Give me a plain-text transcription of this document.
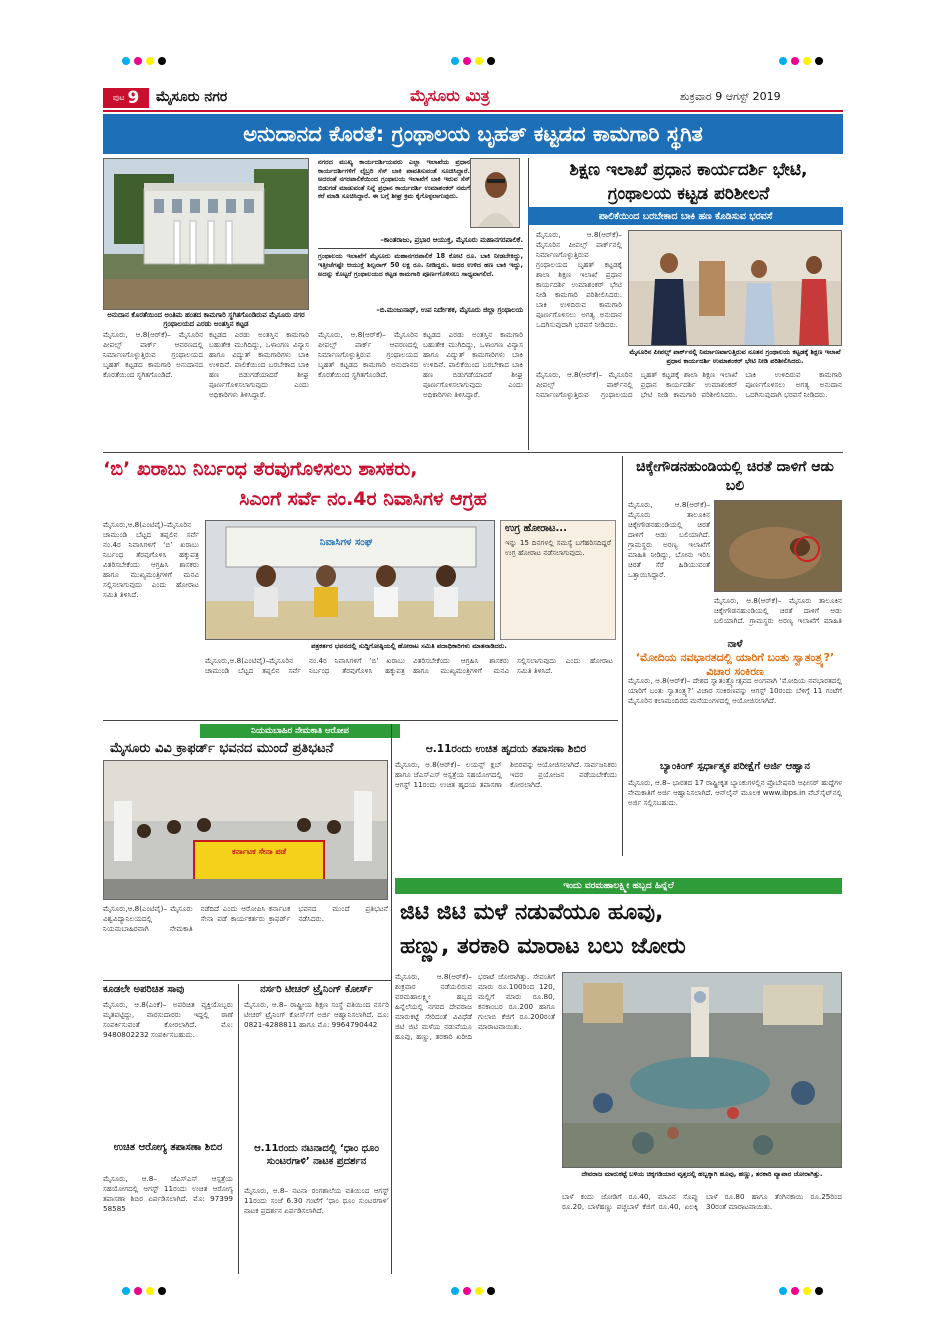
ಪುಟ 9 ಮೈಸೂರು ನಗರ	ಮೈಸೂರು ಮಿತ್ರ	ಶುಕ್ರವಾರ 9 ಆಗಸ್ಟ್ 2019
ಅನುದಾನದ ಕೊರತೆ: ಗ್ರಂಥಾಲಯ ಬೃಹತ್ ಕಟ್ಟಡದ ಕಾಮಗಾರಿ ಸ್ಥಗಿತ
ಅನುದಾನ ಕೊರತೆಯಿಂದ ಅಂತಿಮ ಹಂತದ ಕಾಮಗಾರಿ ಸ್ಥಗಿತಗೊಂಡಿರುವ ಮೈಸೂರು ನಗರ ಗ್ರಂಥಾಲಯದ ಎರಡು ಅಂತಸ್ತಿನ ಕಟ್ಟಡ
ನಗರದ ಮುಖ್ಯ ಕಾರ್ಯದರ್ಶಿಯವರು ಎಲ್ಲಾ ಇಲಾಖೆಯ ಪ್ರಧಾನ ಕಾರ್ಯದರ್ಶಿಗಳಿಗೆ ಲೈಬ್ರರಿ ಸೆಸ್ ಬಾಕಿ ಪಾವತಿಸುವಂತೆ ಸೂಚಿಸಿದ್ದಾರೆ. ಅದರಂತೆ ನಗರಪಾಲಿಕೆಯಿಂದ ಗ್ರಂಥಾಲಯ ಇಲಾಖೆಗೆ ಬಾಕಿ ಇರುವ ಸೆಸ್ ಬಿಡುಗಡೆ ಮಾಡುವಂತೆ ನಿನ್ನೆ ಪ್ರಧಾನ ಕಾರ್ಯದರ್ಶಿ ಉಮಾಶಂಕರ್ ನಮಗೆ ಕರೆ ಮಾಡಿ ಸೂಚಿಸಿದ್ದಾರೆ. ಈ ಬಗ್ಗೆ ಶೀಘ್ರ ಕ್ರಮ ಕೈಗೊಳ್ಳಲಾಗುವುದು.
–ಕಾಂತರಾಜು, ಪ್ರಭಾರ ಆಯುಕ್ತ, ಮೈಸೂರು ಮಹಾನಗರಪಾಲಿಕೆ.
ಗ್ರಂಥಾಲಯ ಇಲಾಖೆಗೆ ಮೈಸೂರು ಮಹಾನಗರಪಾಲಿಕೆ 18 ಕೋಟಿ ರೂ. ಬಾಕಿ ನೀಡಬೇಕಿದ್ದು, ಇತ್ತೀಚೆಗಷ್ಟೇ ಆಯುಕ್ತೆ ಶಿಲ್ಪನಾಗ್ 50 ಲಕ್ಷ ರೂ. ನೀಡಿದ್ದರು. ಅದರ ಉಳಿದ ಹಣ ಬಾಕಿ ಇದ್ದು, ಅದನ್ನು ಕೊಟ್ಟರೆ ಗ್ರಂಥಾಲಯದ ಕಟ್ಟಡ ಕಾಮಗಾರಿ ಪೂರ್ಣಗೊಳಿಸಲು ಸಾಧ್ಯವಾಗಲಿದೆ.
–ಬಿ.ಮಂಜುನಾಥ್, ಉಪ ನಿರ್ದೇಶಕ, ಮೈಸೂರು ಜಿಲ್ಲಾ ಗ್ರಂಥಾಲಯ

ಮೈಸೂರು, ಆ.8(ಆರ್‌ಕೆ)– ಮೈಸೂರಿನ ಪೀಪಲ್ಸ್ ಪಾರ್ಕ್ ಆವರಣದಲ್ಲಿ ನಿರ್ಮಾಣಗೊಳ್ಳುತ್ತಿರುವ ಗ್ರಂಥಾಲಯದ ಬೃಹತ್ ಕಟ್ಟಡದ ಕಾಮಗಾರಿ ಅನುದಾನದ ಕೊರತೆಯಿಂದ ಸ್ಥಗಿತಗೊಂಡಿದೆ.

ಕಟ್ಟಡದ ಎರಡು ಅಂತಸ್ತಿನ ಕಾಮಗಾರಿ ಬಹುತೇಕ ಮುಗಿದಿದ್ದು, ಒಳಾಂಗಣ ವಿನ್ಯಾಸ ಹಾಗೂ ವಿದ್ಯುತ್ ಕಾಮಗಾರಿಗಳು ಬಾಕಿ ಉಳಿದಿವೆ. ಪಾಲಿಕೆಯಿಂದ ಬರಬೇಕಾದ ಬಾಕಿ ಹಣ ಬಿಡುಗಡೆಯಾದರೆ ಶೀಘ್ರ ಪೂರ್ಣಗೊಳಿಸಲಾಗುವುದು ಎಂದು ಅಧಿಕಾರಿಗಳು ತಿಳಿಸಿದ್ದಾರೆ.

ಮೈಸೂರು, ಆ.8(ಆರ್‌ಕೆ)– ಮೈಸೂರಿನ ಪೀಪಲ್ಸ್ ಪಾರ್ಕ್ ಆವರಣದಲ್ಲಿ ನಿರ್ಮಾಣಗೊಳ್ಳುತ್ತಿರುವ ಗ್ರಂಥಾಲಯದ ಬೃಹತ್ ಕಟ್ಟಡದ ಕಾಮಗಾರಿ ಅನುದಾನದ ಕೊರತೆಯಿಂದ ಸ್ಥಗಿತಗೊಂಡಿದೆ.

ಕಟ್ಟಡದ ಎರಡು ಅಂತಸ್ತಿನ ಕಾಮಗಾರಿ ಬಹುತೇಕ ಮುಗಿದಿದ್ದು, ಒಳಾಂಗಣ ವಿನ್ಯಾಸ ಹಾಗೂ ವಿದ್ಯುತ್ ಕಾಮಗಾರಿಗಳು ಬಾಕಿ ಉಳಿದಿವೆ. ಪಾಲಿಕೆಯಿಂದ ಬರಬೇಕಾದ ಬಾಕಿ ಹಣ ಬಿಡುಗಡೆಯಾದರೆ ಶೀಘ್ರ ಪೂರ್ಣಗೊಳಿಸಲಾಗುವುದು ಎಂದು ಅಧಿಕಾರಿಗಳು ತಿಳಿಸಿದ್ದಾರೆ.

ಶಿಕ್ಷಣ ಇಲಾಖೆ ಪ್ರಧಾನ ಕಾರ್ಯದರ್ಶಿ ಭೇಟಿ, ಗ್ರಂಥಾಲಯ ಕಟ್ಟಡ ಪರಿಶೀಲನೆ
ಪಾಲಿಕೆಯಿಂದ ಬರಬೇಕಾದ ಬಾಕಿ ಹಣ ಕೊಡಿಸುವ ಭರವಸೆ
ಮೈಸೂರು, ಆ.8(ಆರ್‌ಕೆ)– ಮೈಸೂರಿನ ಪೀಪಲ್ಸ್ ಪಾರ್ಕ್‌ನಲ್ಲಿ ನಿರ್ಮಾಣಗೊಳ್ಳುತ್ತಿರುವ ಗ್ರಂಥಾಲಯದ ಬೃಹತ್ ಕಟ್ಟಡಕ್ಕೆ ಶಾಲಾ ಶಿಕ್ಷಣ ಇಲಾಖೆ ಪ್ರಧಾನ ಕಾರ್ಯದರ್ಶಿ ಉಮಾಶಂಕರ್ ಭೇಟಿ ನೀಡಿ ಕಾಮಗಾರಿ ಪರಿಶೀಲಿಸಿದರು. ಬಾಕಿ ಉಳಿದಿರುವ ಕಾಮಗಾರಿ ಪೂರ್ಣಗೊಳಿಸಲು ಅಗತ್ಯ ಅನುದಾನ ಒದಗಿಸುವುದಾಗಿ ಭರವಸೆ ನೀಡಿದರು.
ಮೈಸೂರಿನ ಪೀಪಲ್ಸ್ ಪಾರ್ಕ್‌ನಲ್ಲಿ ನಿರ್ಮಾಣವಾಗುತ್ತಿರುವ ನೂತನ ಗ್ರಂಥಾಲಯ ಕಟ್ಟಡಕ್ಕೆ ಶಿಕ್ಷಣ ಇಲಾಖೆ ಪ್ರಧಾನ ಕಾರ್ಯದರ್ಶಿ ಉಮಾಶಂಕರ್ ಭೇಟಿ ನೀಡಿ ಪರಿಶೀಲಿಸಿದರು.
ಮೈಸೂರು, ಆ.8(ಆರ್‌ಕೆ)– ಮೈಸೂರಿನ ಪೀಪಲ್ಸ್ ಪಾರ್ಕ್‌ನಲ್ಲಿ ನಿರ್ಮಾಣಗೊಳ್ಳುತ್ತಿರುವ ಗ್ರಂಥಾಲಯದ ಬೃಹತ್ ಕಟ್ಟಡಕ್ಕೆ ಶಾಲಾ ಶಿಕ್ಷಣ ಇಲಾಖೆ ಪ್ರಧಾನ ಕಾರ್ಯದರ್ಶಿ ಉಮಾಶಂಕರ್ ಭೇಟಿ ನೀಡಿ ಕಾಮಗಾರಿ ಪರಿಶೀಲಿಸಿದರು. ಬಾಕಿ ಉಳಿದಿರುವ ಕಾಮಗಾರಿ ಪೂರ್ಣಗೊಳಿಸಲು ಅಗತ್ಯ ಅನುದಾನ ಒದಗಿಸುವುದಾಗಿ ಭರವಸೆ ನೀಡಿದರು.
‘ಬಿ’ ಖರಾಬು ನಿರ್ಬಂಧ ತೆರವುಗೊಳಿಸಲು ಶಾಸಕರು,
ಸಿಎಂಗೆ ಸರ್ವೆ ನಂ.4ರ ನಿವಾಸಿಗಳ ಆಗ್ರಹ
ಮೈಸೂರು,ಆ.8(ಎಂಟಿವೈ)–ಮೈಸೂರಿನ ಚಾಮುಂಡಿ ಬೆಟ್ಟದ ತಪ್ಪಲಿನ ಸರ್ವೆ ನಂ.4ರ ನಿವಾಸಿಗಳಿಗೆ ‘ಬಿ’ ಖರಾಬು ನಿರ್ಬಂಧ ತೆರವುಗೊಳಿಸಿ ಹಕ್ಕುಪತ್ರ ವಿತರಿಸಬೇಕೆಂದು ಆಗ್ರಹಿಸಿ ಶಾಸಕರು ಹಾಗೂ ಮುಖ್ಯಮಂತ್ರಿಗಳಿಗೆ ಮನವಿ ಸಲ್ಲಿಸಲಾಗುವುದು ಎಂದು ಹೋರಾಟ ಸಮಿತಿ ತಿಳಿಸಿದೆ.
ನಿವಾಸಿಗಳ ಸಂಘ
ಪತ್ರಕರ್ತರ ಭವನದಲ್ಲಿ ಸುದ್ದಿಗೋಷ್ಠಿಯಲ್ಲಿ ಹೋರಾಟ ಸಮಿತಿ ಪದಾಧಿಕಾರಿಗಳು ಮಾತನಾಡಿದರು.
ಉಗ್ರ ಹೋರಾಟ...
ಇನ್ನು 15 ದಿನಗಳಲ್ಲಿ ಸಮಸ್ಯೆ ಬಗೆಹರಿಸದಿದ್ದರೆ ಉಗ್ರ ಹೋರಾಟ ನಡೆಸಲಾಗುವುದು.
ಮೈಸೂರು,ಆ.8(ಎಂಟಿವೈ)–ಮೈಸೂರಿನ ಚಾಮುಂಡಿ ಬೆಟ್ಟದ ತಪ್ಪಲಿನ ಸರ್ವೆ ನಂ.4ರ ನಿವಾಸಿಗಳಿಗೆ ‘ಬಿ’ ಖರಾಬು ನಿರ್ಬಂಧ ತೆರವುಗೊಳಿಸಿ ಹಕ್ಕುಪತ್ರ ವಿತರಿಸಬೇಕೆಂದು ಆಗ್ರಹಿಸಿ ಶಾಸಕರು ಹಾಗೂ ಮುಖ್ಯಮಂತ್ರಿಗಳಿಗೆ ಮನವಿ ಸಲ್ಲಿಸಲಾಗುವುದು ಎಂದು ಹೋರಾಟ ಸಮಿತಿ ತಿಳಿಸಿದೆ.
ಚಿಕ್ಕೇಗೌಡನಹುಂಡಿಯಲ್ಲಿ ಚಿರತೆ ದಾಳಿಗೆ ಆಡು ಬಲಿ
ಮೈಸೂರು, ಆ.8(ಆರ್‌ಕೆ)– ಮೈಸೂರು ತಾಲೂಕಿನ ಚಿಕ್ಕೇಗೌಡನಹುಂಡಿಯಲ್ಲಿ ಚಿರತೆ ದಾಳಿಗೆ ಆಡು ಬಲಿಯಾಗಿದೆ. ಗ್ರಾಮಸ್ಥರು ಅರಣ್ಯ ಇಲಾಖೆಗೆ ಮಾಹಿತಿ ನೀಡಿದ್ದು, ಬೋನು ಇರಿಸಿ ಚಿರತೆ ಸೆರೆ ಹಿಡಿಯುವಂತೆ ಒತ್ತಾಯಿಸಿದ್ದಾರೆ.
ಮೈಸೂರು, ಆ.8(ಆರ್‌ಕೆ)– ಮೈಸೂರು ತಾಲೂಕಿನ ಚಿಕ್ಕೇಗೌಡನಹುಂಡಿಯಲ್ಲಿ ಚಿರತೆ ದಾಳಿಗೆ ಆಡು ಬಲಿಯಾಗಿದೆ. ಗ್ರಾಮಸ್ಥರು ಅರಣ್ಯ ಇಲಾಖೆಗೆ ಮಾಹಿತಿ
ನಾಳೆ
‘ಮೋದಿಯ ನವಭಾರತದಲ್ಲಿ ಯಾರಿಗೆ ಬಂತು ಸ್ವಾತಂತ್ರ್ಯ?’ ವಿಚಾರ ಸಂಕಿರಣ
ಮೈಸೂರು, ಆ.8(ಆರ್‌ಕೆ)– ದೇಶದ ಸ್ವಾತಂತ್ರ್ಯೋತ್ಸವದ ಅಂಗವಾಗಿ ‘ಮೋದಿಯ ನವಭಾರತದಲ್ಲಿ ಯಾರಿಗೆ ಬಂತು ಸ್ವಾತಂತ್ರ್ಯ?’ ವಿಚಾರ ಸಂಕಿರಣವನ್ನು ಆಗಸ್ಟ್ 10ರಂದು ಬೆಳಿಗ್ಗೆ 11 ಗಂಟೆಗೆ ಮೈಸೂರಿನ ಕಲಾಮಂದಿರದ ಮನೆಯಂಗಳದಲ್ಲಿ ಆಯೋಜಿಸಲಾಗಿದೆ.
ಬ್ಯಾಂಕಿಂಗ್ ಸ್ಪರ್ಧಾತ್ಮಕ ಪರೀಕ್ಷೆಗೆ ಅರ್ಜಿ ಆಹ್ವಾನ
ಮೈಸೂರು, ಆ.8– ಭಾರತದ 17 ರಾಷ್ಟ್ರೀಕೃತ ಬ್ಯಾಂಕುಗಳಲ್ಲಿನ ಪ್ರೊಬೇಷನರಿ ಆಫೀಸರ್ ಹುದ್ದೆಗಳ ನೇಮಕಾತಿಗೆ ಅರ್ಜಿ ಆಹ್ವಾನಿಸಲಾಗಿದೆ. ಆನ್‌ಲೈನ್ ಮೂಲಕ www.ibps.in ವೆಬ್‌ಸೈಟ್‌ನಲ್ಲಿ ಅರ್ಜಿ ಸಲ್ಲಿಸಬಹುದು.
ನಿಯಮಬಾಹಿರ ನೇಮಕಾತಿ ಆರೋಪ
ಮೈಸೂರು ವಿವಿ ಕ್ರಾಫರ್ಡ್ ಭವನದ ಮುಂದೆ ಪ್ರತಿಭಟನೆ
ಕರ್ನಾಟಕ ಸೇನಾ ಪಡೆ
ಮೈಸೂರು,ಆ.8(ಎಂಟಿವೈ)– ಮೈಸೂರು ವಿಶ್ವವಿದ್ಯಾನಿಲಯದಲ್ಲಿ ನಿಯಮಬಾಹಿರವಾಗಿ ನೇಮಕಾತಿ ನಡೆದಿದೆ ಎಂದು ಆರೋಪಿಸಿ ಕರ್ನಾಟಕ ಸೇನಾ ಪಡೆ ಕಾರ್ಯಕರ್ತರು ಕ್ರಾಫರ್ಡ್ ಭವನದ ಮುಂದೆ ಪ್ರತಿಭಟನೆ ನಡೆಸಿದರು.
ಆ.11ರಂದು ಉಚಿತ ಹೃದಯ ತಪಾಸಣಾ ಶಿಬಿರ
ಮೈಸೂರು, ಆ.8(ಆರ್‌ಕೆ)– ಲಯನ್ಸ್ ಕ್ಲಬ್ ಹಾಗೂ ಜೆಎಸ್‌ಎಸ್ ಆಸ್ಪತ್ರೆಯ ಸಹಯೋಗದಲ್ಲಿ ಆಗಸ್ಟ್ 11ರಂದು ಉಚಿತ ಹೃದಯ ತಪಾಸಣಾ ಶಿಬಿರವನ್ನು ಆಯೋಜಿಸಲಾಗಿದೆ. ಸಾರ್ವಜನಿಕರು ಇದರ ಪ್ರಯೋಜನ ಪಡೆಯಬೇಕೆಂದು ಕೋರಲಾಗಿದೆ.
ಇಂದು ವರಮಹಾಲಕ್ಷ್ಮೀ ಹಬ್ಬದ ಹಿನ್ನೆಲೆ
ಜಿಟಿ ಜಿಟಿ ಮಳೆ ನಡುವೆಯೂ ಹೂವು,
ಹಣ್ಣು, ತರಕಾರಿ ಮಾರಾಟ ಬಲು ಜೋರು
ಮೈಸೂರು, ಆ.8(ಆರ್‌ಕೆ)– ಶುಕ್ರವಾರ ನಡೆಯಲಿರುವ ವರಮಹಾಲಕ್ಷ್ಮೀ ಹಬ್ಬದ ಹಿನ್ನೆಲೆಯಲ್ಲಿ ನಗರದ ದೇವರಾಜ ಮಾರುಕಟ್ಟೆ ಸೇರಿದಂತೆ ವಿವಿಧೆಡೆ ಜಿಟಿ ಜಿಟಿ ಮಳೆಯ ನಡುವೆಯೂ ಹೂವು, ಹಣ್ಣು, ತರಕಾರಿ ಖರೀದಿ ಭರಾಟೆ ಜೋರಾಗಿತ್ತು. ಸೇವಂತಿಗೆ ಮಾರು ರೂ.100ರಿಂದ 120, ಮಲ್ಲಿಗೆ ಮಾರು ರೂ.80, ಕನಕಾಂಬರ ರೂ.200 ಹಾಗೂ ಗುಲಾಬಿ ಕೆಜಿಗೆ ರೂ.200ರಂತೆ ಮಾರಾಟವಾಯಿತು.
ದೇವರಾಜ ಮಾರುಕಟ್ಟೆ ಬಳಿಯ ಚಿಕ್ಕಗಡಿಯಾರ ವೃತ್ತದಲ್ಲಿ ಹಬ್ಬಕ್ಕಾಗಿ ಹೂವು, ಹಣ್ಣು, ತರಕಾರಿ ವ್ಯಾಪಾರ ಜೋರಾಗಿತ್ತು.
ಬಾಳೆ ಕಂದು ಜೋಡಿಗೆ ರೂ.40, ಮಾವಿನ ಸೊಪ್ಪು ರೂ.20, ಬಾಳೆಹಣ್ಣು ಪಚ್ಚಬಾಳೆ ಕೆಜಿಗೆ ರೂ.40, ಏಲಕ್ಕಿ ಬಾಳೆ ರೂ.80 ಹಾಗೂ ತೆಂಗಿನಕಾಯಿ ರೂ.25ರಿಂದ 30ರಂತೆ ಮಾರಾಟವಾಯಿತು.
ಕೂಡಲೇ ಅಪರಿಚಿತ ಸಾವು
ಮೈಸೂರು, ಆ.8(ಎಂಕೆ)– ಅಪರಿಚಿತ ವ್ಯಕ್ತಿಯೊಬ್ಬರು ಮೃತಪಟ್ಟಿದ್ದು, ವಾರಸುದಾರರು ಇದ್ದಲ್ಲಿ ಠಾಣೆ ಸಂಪರ್ಕಿಸುವಂತೆ ಕೋರಲಾಗಿದೆ. ಮೊ: 9480802232 ಸಂಪರ್ಕಿಸಬಹುದು.
ಉಚಿತ ಆರೋಗ್ಯ ತಪಾಸಣಾ ಶಿಬಿರ
ಮೈಸೂರು, ಆ.8– ಜೆಎಸ್‌ಎಸ್ ಆಸ್ಪತ್ರೆಯ ಸಹಯೋಗದಲ್ಲಿ ಆಗಸ್ಟ್ 11ರಂದು ಉಚಿತ ಆರೋಗ್ಯ ತಪಾಸಣಾ ಶಿಬಿರ ಏರ್ಪಡಿಸಲಾಗಿದೆ. ಮೊ: 97399 58585
ನರ್ಸರಿ ಟೀಚರ್ ಟ್ರೈನಿಂಗ್ ಕೋರ್ಸ್
ಮೈಸೂರು, ಆ.8– ರಾಷ್ಟ್ರೀಯ ಶಿಕ್ಷಣ ಸಂಸ್ಥೆ ವತಿಯಿಂದ ನರ್ಸರಿ ಟೀಚರ್ ಟ್ರೈನಿಂಗ್ ಕೋರ್ಸ್‌ಗೆ ಅರ್ಜಿ ಆಹ್ವಾನಿಸಲಾಗಿದೆ. ದೂ: 0821-4288811 ಹಾಗೂ ಮೊ: 9964790442
ಆ.11ರಂದು ನಟನಾದಲ್ಲಿ ‘ಧಾಂ ಧೂಂ ಸುಂಟರಗಾಳಿ’ ನಾಟಕ ಪ್ರದರ್ಶನ
ಮೈಸೂರು, ಆ.8– ನಟನಾ ರಂಗಶಾಲೆಯ ವತಿಯಿಂದ ಆಗಸ್ಟ್ 11ರಂದು ಸಂಜೆ 6.30 ಗಂಟೆಗೆ ‘ಧಾಂ ಧೂಂ ಸುಂಟರಗಾಳಿ’ ನಾಟಕ ಪ್ರದರ್ಶನ ಏರ್ಪಡಿಸಲಾಗಿದೆ.
